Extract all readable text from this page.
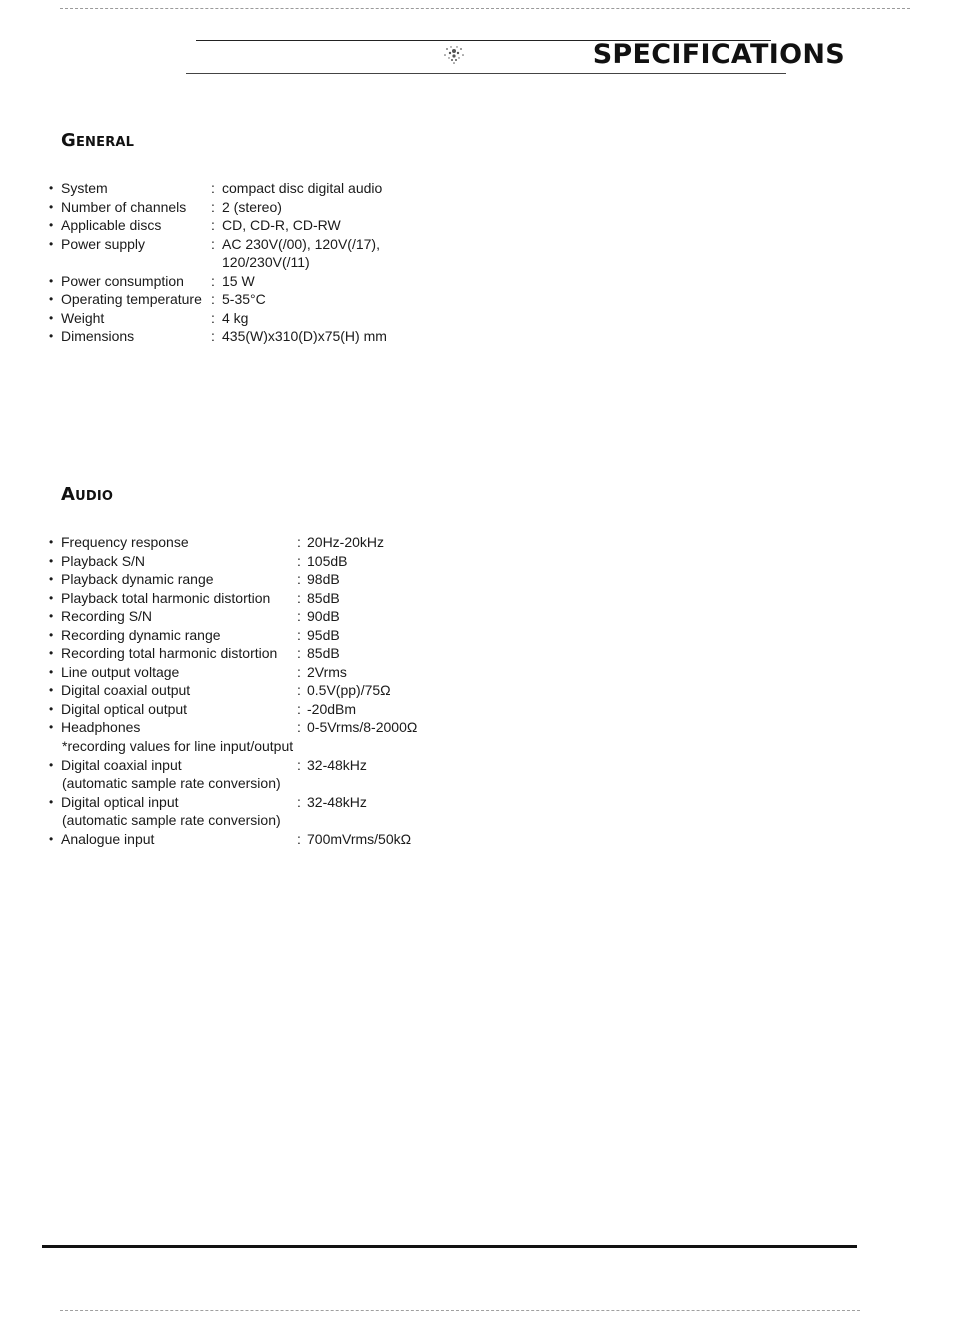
SPECIFICATIONS
General
• System	: compact disc digital audio
• Number of channels : 2 (stereo)
• Applicable discs	: CD, CD-R, CD-RW
• Power supply	: AC 230V(/00), 120V(/17),
120/230V(/11)
• Power consumption : 15 W
• Operating temperature : 5-35°C
• Weight	: 4 kg
• Dimensions	: 435(W)x310(D)x75(H) mm
Audio
• Frequency response	: 20Hz-20kHz
• Playback S/N	: 105dB
• Playback dynamic range	: 98dB
• Playback total harmonic distortion : 85dB
• Recording S/N	: 90dB
• Recording dynamic range	: 95dB
• Recording total harmonic distortion : 85dB
• Line output voltage	: 2Vrms
• Digital coaxial output	: 0.5V(pp)/75Ω
• Digital optical output	: -20dBm
• Headphones	: 0-5Vrms/8-2000Ω
*recording values for line input/output
• Digital coaxial input	: 32-48kHz
(automatic sample rate conversion)
• Digital optical input	: 32-48kHz
(automatic sample rate conversion)
• Analogue input	: 700mVrms/50kΩ
